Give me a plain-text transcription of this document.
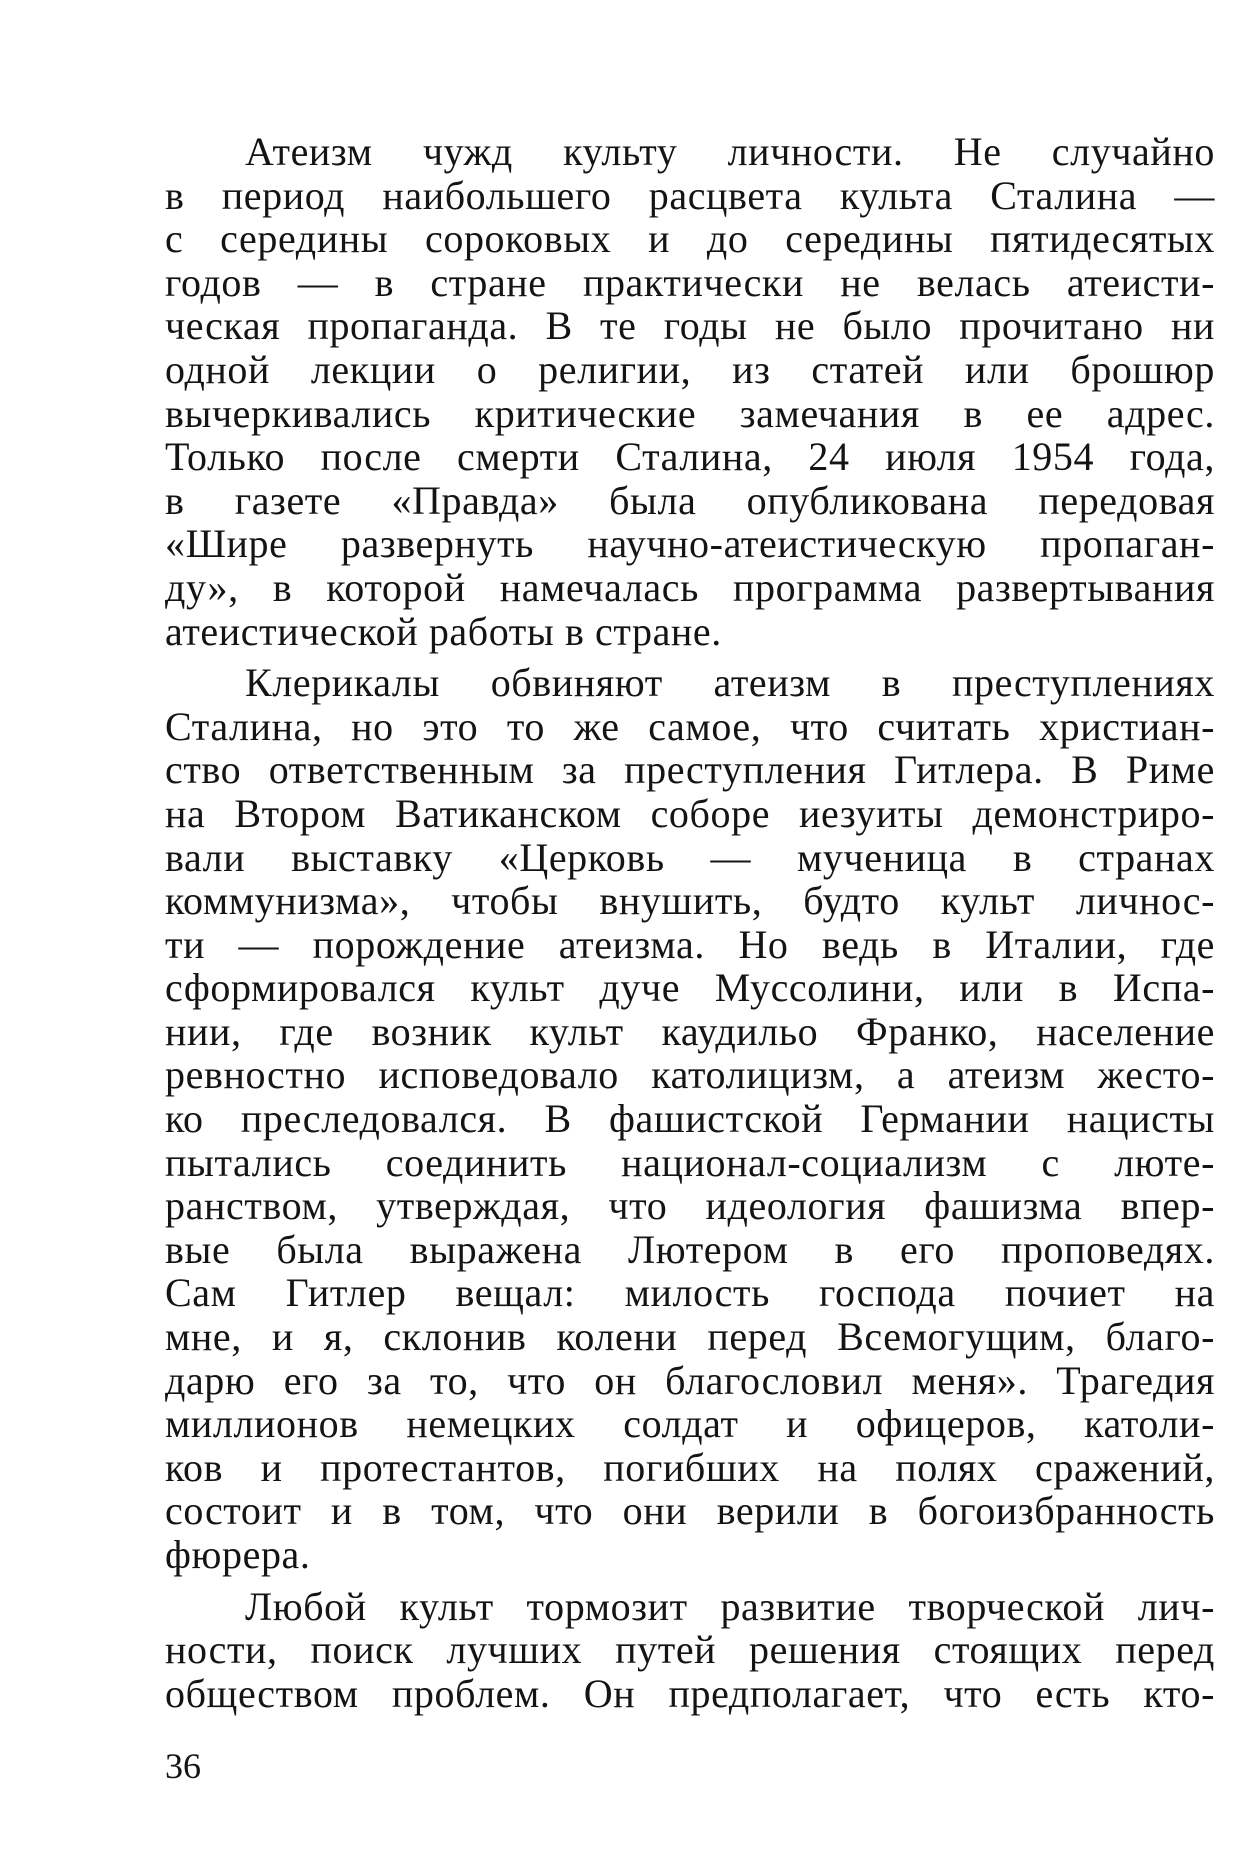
Атеизм чужд культу личности. Не случайно
в период наибольшего расцвета культа Сталина —
с середины сороковых и до середины пятидесятых
годов — в стране практически не велась атеисти-
ческая пропаганда. В те годы не было прочитано ни
одной лекции о религии, из статей или брошюр
вычеркивались критические замечания в ее адрес.
Только после смерти Сталина, 24 июля 1954 года,
в газете «Правда» была опубликована передовая
«Шире развернуть научно-атеистическую пропаган-
ду», в которой намечалась программа развертывания
атеистической работы в стране.

Клерикалы обвиняют атеизм в преступлениях
Сталина, но это то же самое, что считать христиан-
ство ответственным за преступления Гитлера. В Риме
на Втором Ватиканском соборе иезуиты демонстриро-
вали выставку «Церковь — мученица в странах
коммунизма», чтобы внушить, будто культ личнос-
ти — порождение атеизма. Но ведь в Италии, где
сформировался культ дуче Муссолини, или в Испа-
нии, где возник культ каудильо Франко, население
ревностно исповедовало католицизм, а атеизм жесто-
ко преследовался. В фашистской Германии нацисты
пытались соединить национал-социализм с люте-
ранством, утверждая, что идеология фашизма впер-
вые была выражена Лютером в его проповедях.
Сам Гитлер вещал: милость господа почиет на
мне, и я, склонив колени перед Всемогущим, благо-
дарю его за то, что он благословил меня». Трагедия
миллионов немецких солдат и офицеров, католи-
ков и протестантов, погибших на полях сражений,
состоит и в том, что они верили в богоизбранность
фюрера.

Любой культ тормозит развитие творческой лич-
ности, поиск лучших путей решения стоящих перед
обществом проблем. Он предполагает, что есть кто-

36
